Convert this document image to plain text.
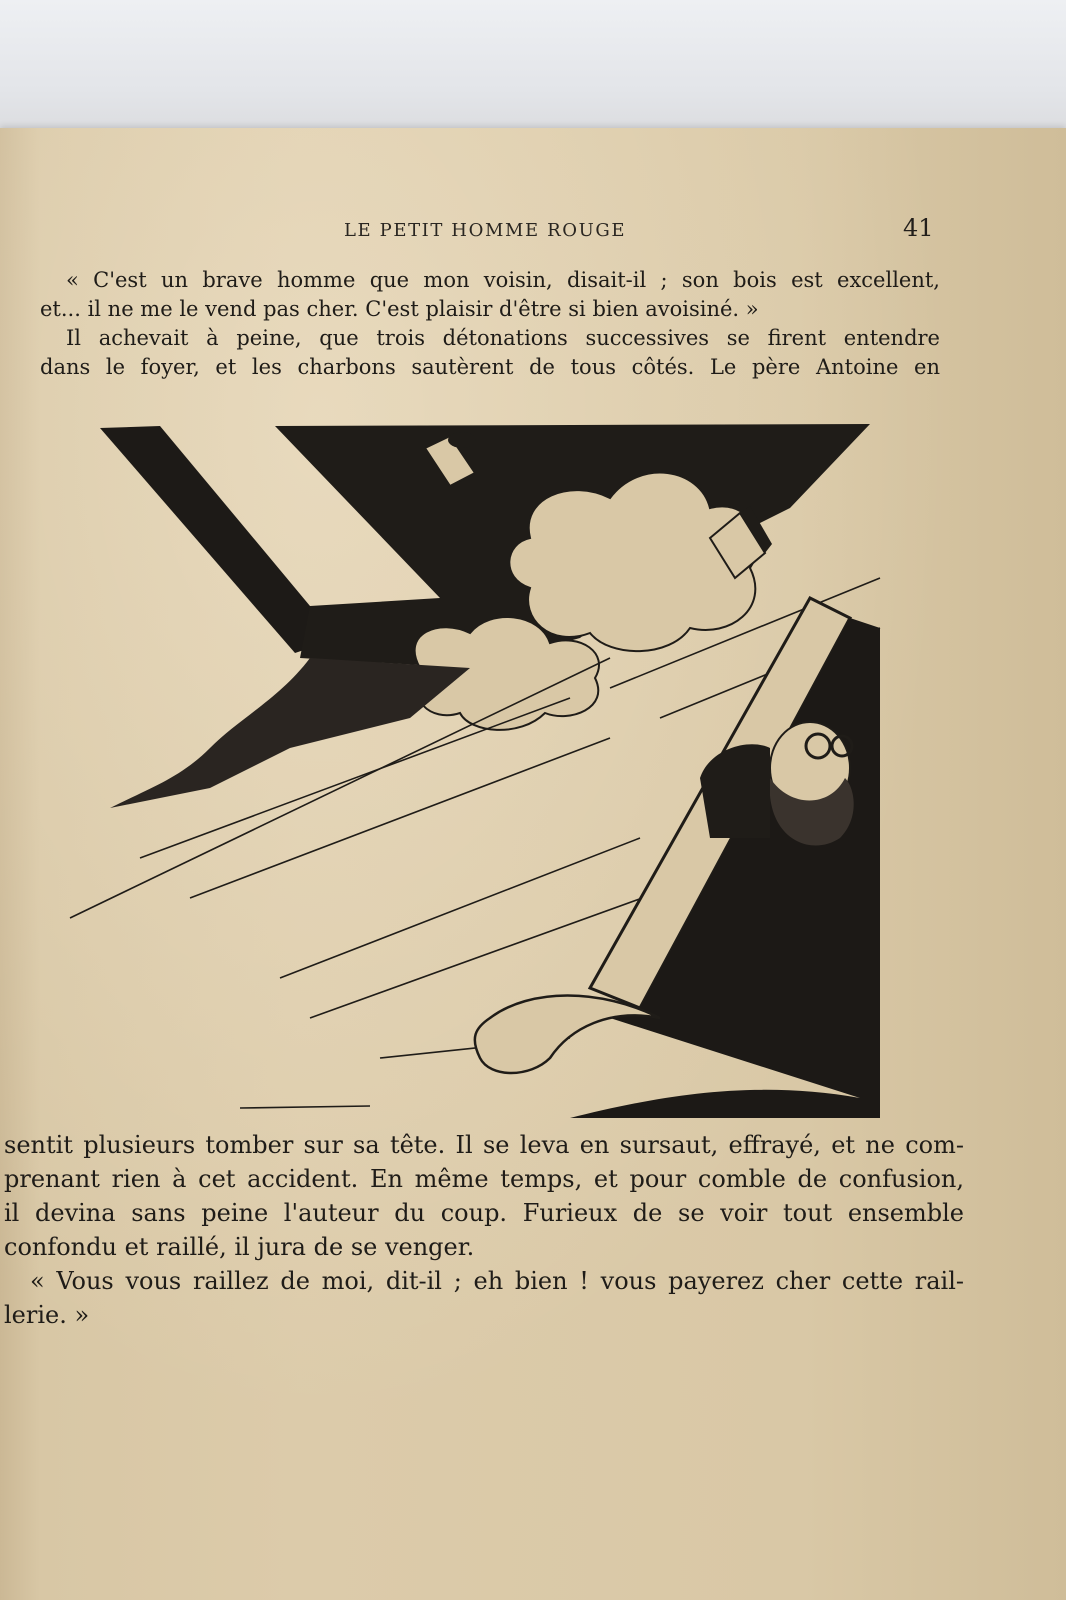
LE PETIT HOMME ROUGE	41
« C'est un brave homme que mon voisin, disait-il ; son bois est excellent,
et... il ne me le vend pas cher. C'est plaisir d'être si bien avoisiné. »
Il achevait à peine, que trois détonations successives se firent entendre
dans le foyer, et les charbons sautèrent de tous côtés. Le père Antoine en
sentit plusieurs tomber sur sa tête. Il se leva en sursaut, effrayé, et ne com-
prenant rien à cet accident. En même temps, et pour comble de confusion,
il devina sans peine l'auteur du coup. Furieux de se voir tout ensemble
confondu et raillé, il jura de se venger.
« Vous vous raillez de moi, dit-il ; eh bien ! vous payerez cher cette rail-
lerie. »
